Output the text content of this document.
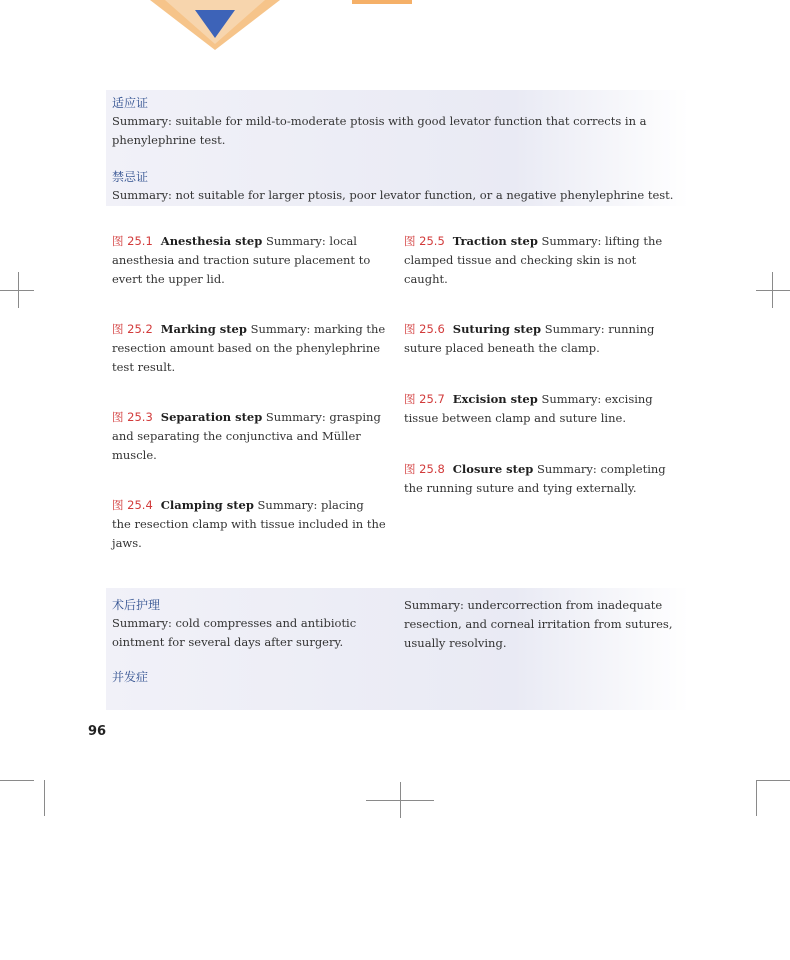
适应证
Summary: suitable for mild-to-moderate ptosis with good levator function that corrects in a phenylephrine test.
禁忌证
Summary: not suitable for larger ptosis, poor levator function, or a negative phenylephrine test.
图 25.1 Anesthesia step Summary: local anesthesia and traction suture placement to evert the upper lid.
图 25.2 Marking step Summary: marking the resection amount based on the phenylephrine test result.
图 25.3 Separation step Summary: grasping and separating the conjunctiva and Müller muscle.
图 25.4 Clamping step Summary: placing the resection clamp with tissue included in the jaws.
图 25.5 Traction step Summary: lifting the clamped tissue and checking skin is not caught.
图 25.6 Suturing step Summary: running suture placed beneath the clamp.
图 25.7 Excision step Summary: excising tissue between clamp and suture line.
图 25.8 Closure step Summary: completing the running suture and tying externally.
术后护理
Summary: cold compresses and antibiotic ointment for several days after surgery.
并发症
Summary: undercorrection from inadequate resection, and corneal irritation from sutures, usually resolving.
96
